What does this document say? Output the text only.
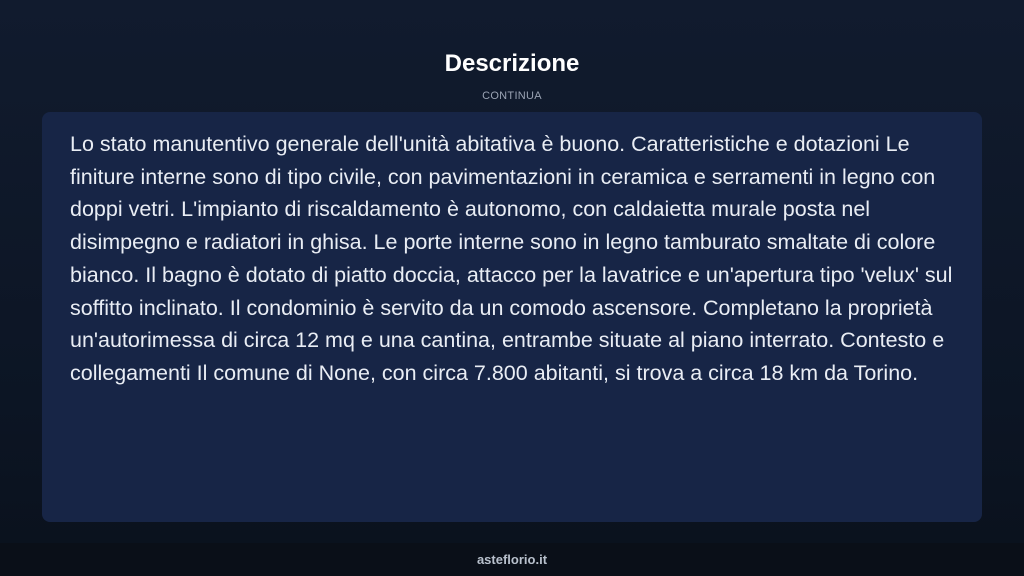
Descrizione
CONTINUA

Lo stato manutentivo generale dell'unità abitativa è buono. Caratteristiche e dotazioni Le finiture interne sono di tipo civile, con pavimentazioni in ceramica e serramenti in legno con doppi vetri. L'impianto di riscaldamento è autonomo, con caldaietta murale posta nel disimpegno e radiatori in ghisa. Le porte interne sono in legno tamburato smaltate di colore bianco. Il bagno è dotato di piatto doccia, attacco per la lavatrice e un'apertura tipo 'velux' sul soffitto inclinato. Il condominio è servito da un comodo ascensore. Completano la proprietà un'autorimessa di circa 12 mq e una cantina, entrambe situate al piano interrato. Contesto e collegamenti Il comune di None, con circa 7.800 abitanti, si trova a circa 18 km da Torino.

asteflorio.it
